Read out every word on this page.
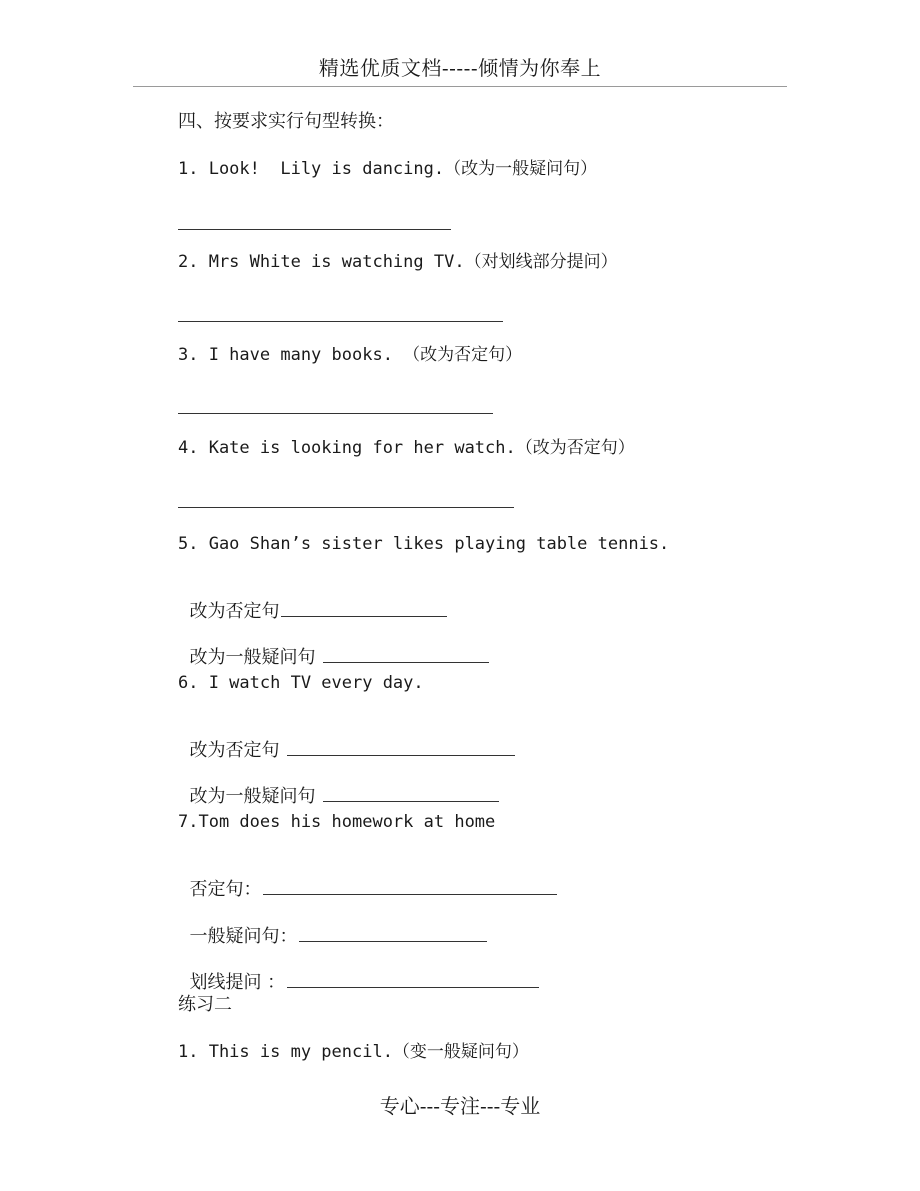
精选优质文档-----倾情为你奉上
四、按要求实行句型转换：
1. Look!  Lily is dancing.（改为一般疑问句）
2. Mrs White is watching TV.（对划线部分提问）
3. I have many books. （改为否定句）
4. Kate is looking for her watch.（改为否定句）
5. Gao Shan’s sister likes playing table tennis.

改为否定句

改为一般疑问句

6. I watch TV every day.

改为否定句

改为一般疑问句

7.Tom does his homework at home

否定句：

一般疑问句：

划线提问 ：

练习二
1. This is my pencil.（变一般疑问句）
专心---专注---专业
